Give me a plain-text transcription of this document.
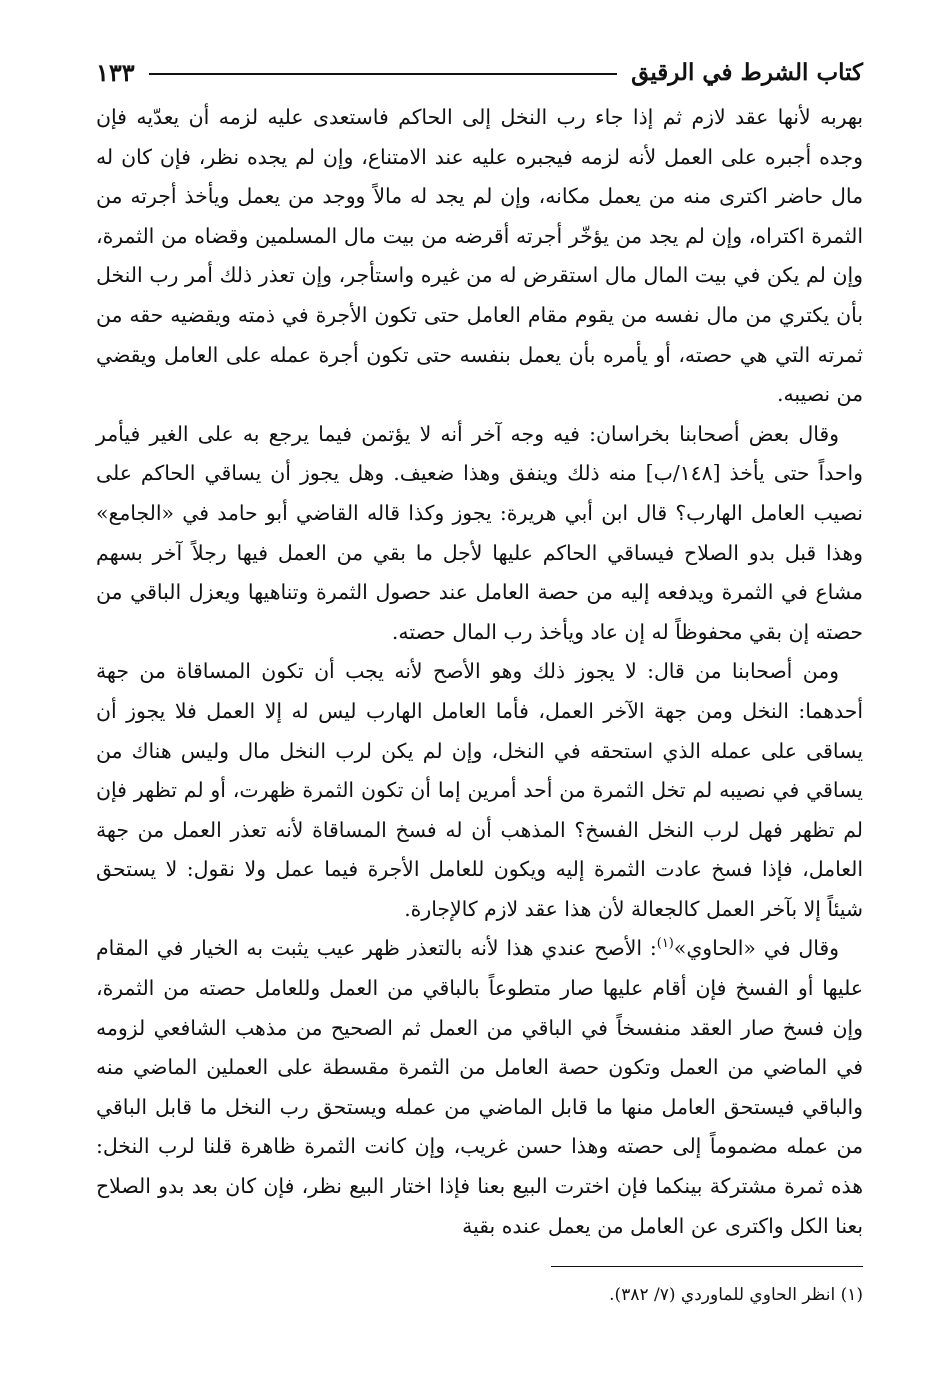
كتاب الشرط في الرقيق
١٣٣

بهربه لأنها عقد لازم ثم إذا جاء رب النخل إلى الحاكم فاستعدى عليه لزمه أن يعدّيه فإن وجده أجبره على العمل لأنه لزمه فيجبره عليه عند الامتناع، وإن لم يجده نظر، فإن كان له مال حاضر اكترى منه من يعمل مكانه، وإن لم يجد له مالاً ووجد من يعمل ويأخذ أجرته من الثمرة اكتراه، وإن لم يجد من يؤخّر أجرته أقرضه من بيت مال المسلمين وقضاه من الثمرة، وإن لم يكن في بيت المال مال استقرض له من غيره واستأجر، وإن تعذر ذلك أمر رب النخل بأن يكتري من مال نفسه من يقوم مقام العامل حتى تكون الأجرة في ذمته ويقضيه حقه من ثمرته التي هي حصته، أو يأمره بأن يعمل بنفسه حتى تكون أجرة عمله على العامل ويقضي من نصيبه.

وقال بعض أصحابنا بخراسان: فيه وجه آخر أنه لا يؤتمن فيما يرجع به على الغير فيأمر واحداً حتى يأخذ [١٤٨/ب] منه ذلك وينفق وهذا ضعيف. وهل يجوز أن يساقي الحاكم على نصيب العامل الهارب؟ قال ابن أبي هريرة: يجوز وكذا قاله القاضي أبو حامد في «الجامع» وهذا قبل بدو الصلاح فيساقي الحاكم عليها لأجل ما بقي من العمل فيها رجلاً آخر بسهم مشاع في الثمرة ويدفعه إليه من حصة العامل عند حصول الثمرة وتناهيها ويعزل الباقي من حصته إن بقي محفوظاً له إن عاد ويأخذ رب المال حصته.

ومن أصحابنا من قال: لا يجوز ذلك وهو الأصح لأنه يجب أن تكون المساقاة من جهة أحدهما: النخل ومن جهة الآخر العمل، فأما العامل الهارب ليس له إلا العمل فلا يجوز أن يساقى على عمله الذي استحقه في النخل، وإن لم يكن لرب النخل مال وليس هناك من يساقي في نصيبه لم تخل الثمرة من أحد أمرين إما أن تكون الثمرة ظهرت، أو لم تظهر فإن لم تظهر فهل لرب النخل الفسخ؟ المذهب أن له فسخ المساقاة لأنه تعذر العمل من جهة العامل، فإذا فسخ عادت الثمرة إليه ويكون للعامل الأجرة فيما عمل ولا نقول: لا يستحق شيئاً إلا بآخر العمل كالجعالة لأن هذا عقد لازم كالإجارة.

وقال في «الحاوي»$^{(١)}$: الأصح عندي هذا لأنه بالتعذر ظهر عيب يثبت به الخيار في المقام عليها أو الفسخ فإن أقام عليها صار متطوعاً بالباقي من العمل وللعامل حصته من الثمرة، وإن فسخ صار العقد منفسخاً في الباقي من العمل ثم الصحيح من مذهب الشافعي لزومه في الماضي من العمل وتكون حصة العامل من الثمرة مقسطة على العملين الماضي منه والباقي فيستحق العامل منها ما قابل الماضي من عمله ويستحق رب النخل ما قابل الباقي من عمله مضموماً إلى حصته وهذا حسن غريب، وإن كانت الثمرة ظاهرة قلنا لرب النخل: هذه ثمرة مشتركة بينكما فإن اخترت البيع بعنا فإذا اختار البيع نظر، فإن كان بعد بدو الصلاح بعنا الكل واكترى عن العامل من يعمل عنده بقية

(١) انظر الحاوي للماوردي (٧/ ٣٨٢).
